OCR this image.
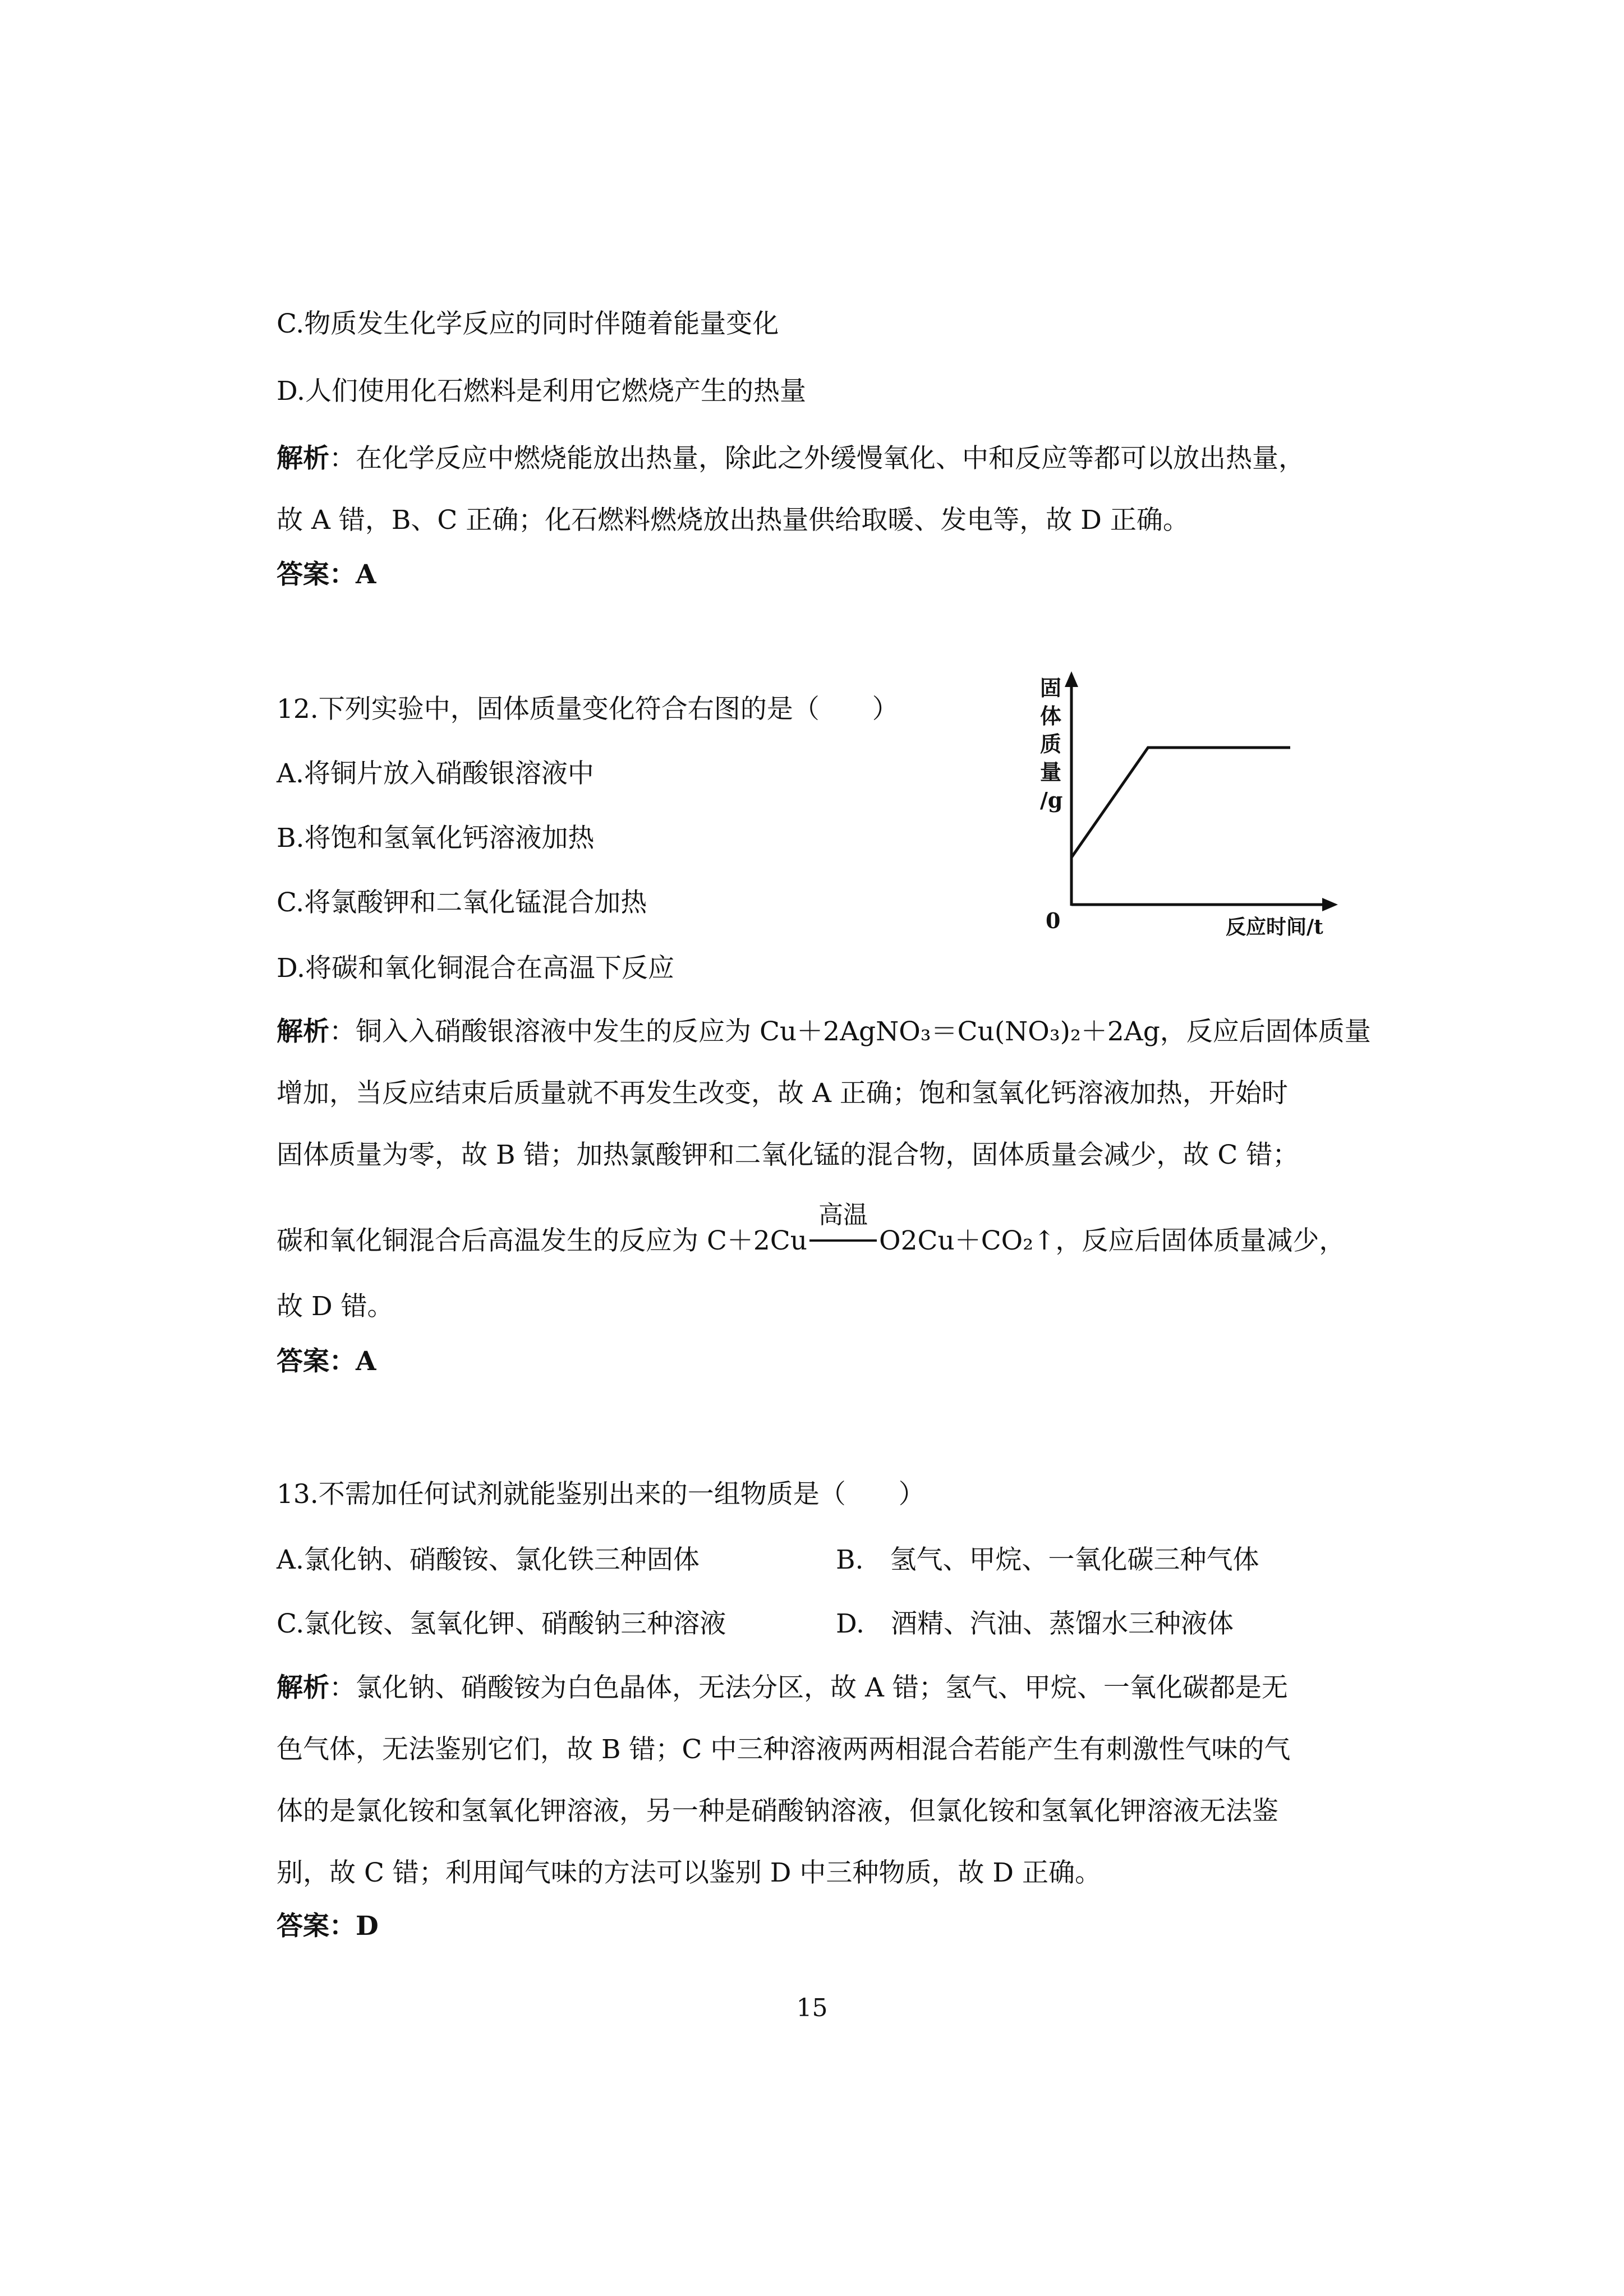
C.物质发生化学反应的同时伴随着能量变化
D.人们使用化石燃料是利用它燃烧产生的热量
解析：在化学反应中燃烧能放出热量，除此之外缓慢氧化、中和反应等都可以放出热量，
故 A 错，B、C 正确；化石燃料燃烧放出热量供给取暖、发电等，故 D 正确。
答案：A
12.下列实验中，固体质量变化符合右图的是（　　）
A.将铜片放入硝酸银溶液中
B.将饱和氢氧化钙溶液加热
C.将氯酸钾和二氧化锰混合加热
D.将碳和氧化铜混合在高温下反应
固
体
质
量
/g
0	反应时间/t
解析：铜入入硝酸银溶液中发生的反应为 Cu＋2AgNO₃＝Cu(NO₃)₂＋2Ag，反应后固体质量
增加，当反应结束后质量就不再发生改变，故 A 正确；饱和氢氧化钙溶液加热，开始时
固体质量为零，故 B 错；加热氯酸钾和二氧化锰的混合物，固体质量会减少，故 C 错；
碳和氧化铜混合后高温发生的反应为 C＋2Cu
高温
O2Cu＋CO₂↑，反应后固体质量减少，
故 D 错。
答案：A
13.不需加任何试剂就能鉴别出来的一组物质是（　　）
A.氯化钠、硝酸铵、氯化铁三种固体	B.　氢气、甲烷、一氧化碳三种气体
C.氯化铵、氢氧化钾、硝酸钠三种溶液	D.　酒精、汽油、蒸馏水三种液体
解析：氯化钠、硝酸铵为白色晶体，无法分区，故 A 错；氢气、甲烷、一氧化碳都是无
色气体，无法鉴别它们，故 B 错；C 中三种溶液两两相混合若能产生有刺激性气味的气
体的是氯化铵和氢氧化钾溶液，另一种是硝酸钠溶液，但氯化铵和氢氧化钾溶液无法鉴
别，故 C 错；利用闻气味的方法可以鉴别 D 中三种物质，故 D 正确。
答案：D
15
